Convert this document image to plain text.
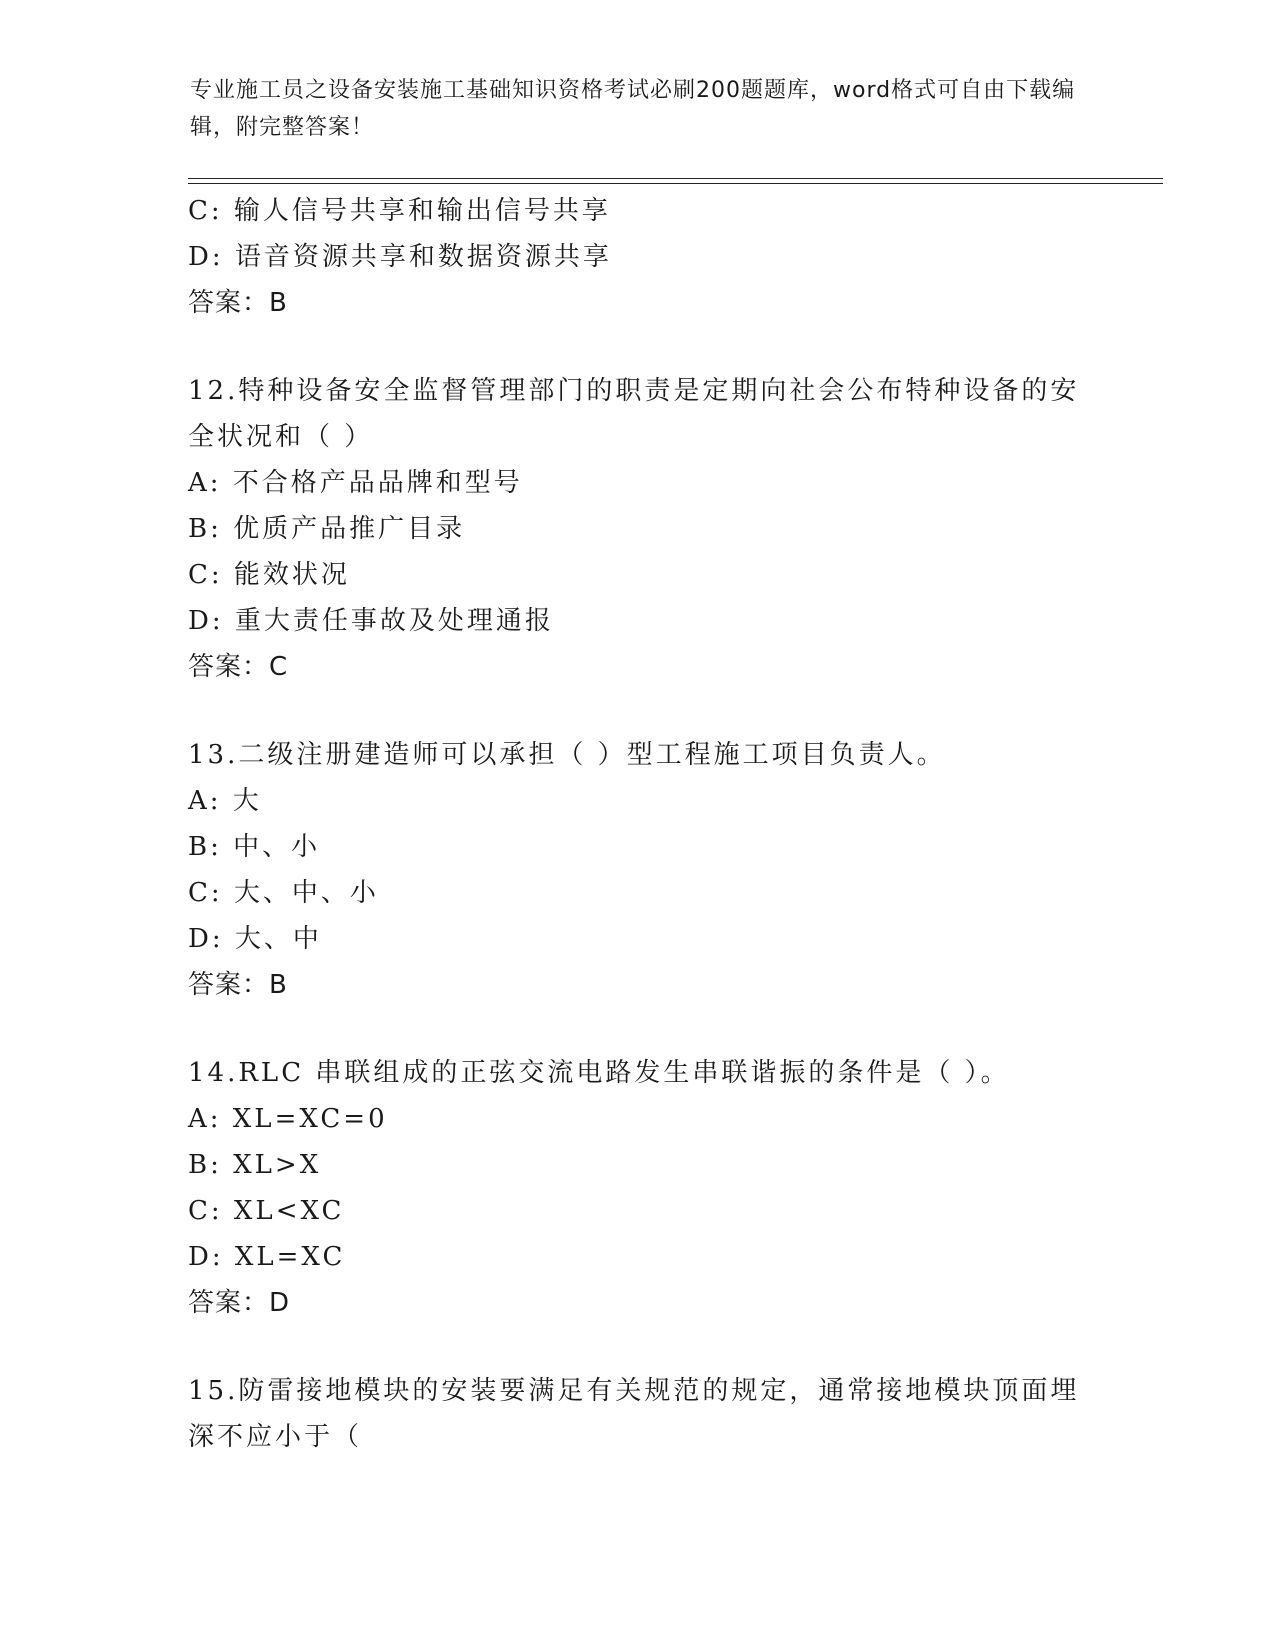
专业施工员之设备安装施工基础知识资格考试必刷200题题库，word格式可自由下载编辑，附完整答案！
C: 输人信号共享和输出信号共享
D: 语音资源共享和数据资源共享
答案：B
12.特种设备安全监督管理部门的职责是定期向社会公布特种设备的安全状况和（ ）
A: 不合格产品品牌和型号
B: 优质产品推广目录
C: 能效状况
D: 重大责任事故及处理通报
答案：C
13.二级注册建造师可以承担（ ）型工程施工项目负责人。
A: 大
B: 中、小
C: 大、中、小
D: 大、中
答案：B
14.RLC 串联组成的正弦交流电路发生串联谐振的条件是（ ）。
A: XL=XC=0
B: XL>X
C: XL<XC
D: XL=XC
答案：D
15.防雷接地模块的安装要满足有关规范的规定，通常接地模块顶面埋深不应小于（
